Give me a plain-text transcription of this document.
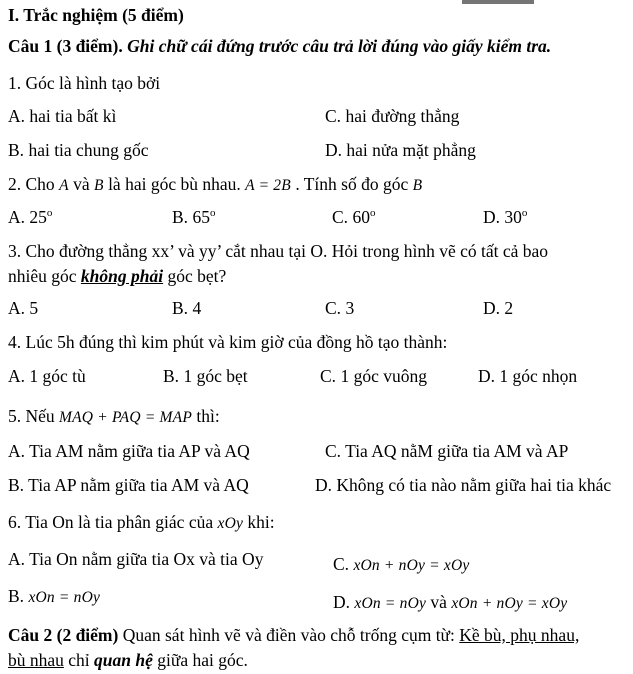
I. Trắc nghiệm (5 điểm)
Câu 1 (3 điểm). Ghi chữ cái đứng trước câu trả lời đúng vào giấy kiểm tra.
1. Góc là hình tạo bởi
A. hai tia bất kì	C. hai đường thẳng
B. hai tia chung gốc	D. hai nửa mặt phẳng
2. Cho A và B là hai góc bù nhau. A = 2B . Tính số đo góc B
A. 25$^o$	B. 65$^o$	C. 60$^o$	D. 30$^o$
3. Cho đường thẳng xx’ và yy’ cắt nhau tại O. Hỏi trong hình vẽ có tất cả bao
nhiêu góc không phải góc bẹt?
A. 5	B. 4	C. 3	D. 2
4. Lúc 5h đúng thì kim phút và kim giờ của đồng hồ tạo thành:
A. 1 góc tù	B. 1 góc bẹt	C. 1 góc vuông	D. 1 góc nhọn
5. Nếu MAQ + PAQ = MAP thì:
A. Tia AM nằm giữa tia AP và AQ	C. Tia AQ nằM giữa tia AM và AP
B. Tia AP nằm giữa tia AM và AQ	D. Không có tia nào nằm giữa hai tia khác
6. Tia On là tia phân giác của xOy khi:
A. Tia On nằm giữa tia Ox và tia Oy	C. xOn + nOy = xOy
B. xOn = nOy	D. xOn = nOy và xOn + nOy = xOy
Câu 2 (2 điểm) Quan sát hình vẽ và điền vào chỗ trống cụm từ: Kề bù, phụ nhau,
bù nhau chỉ quan hệ giữa hai góc.
